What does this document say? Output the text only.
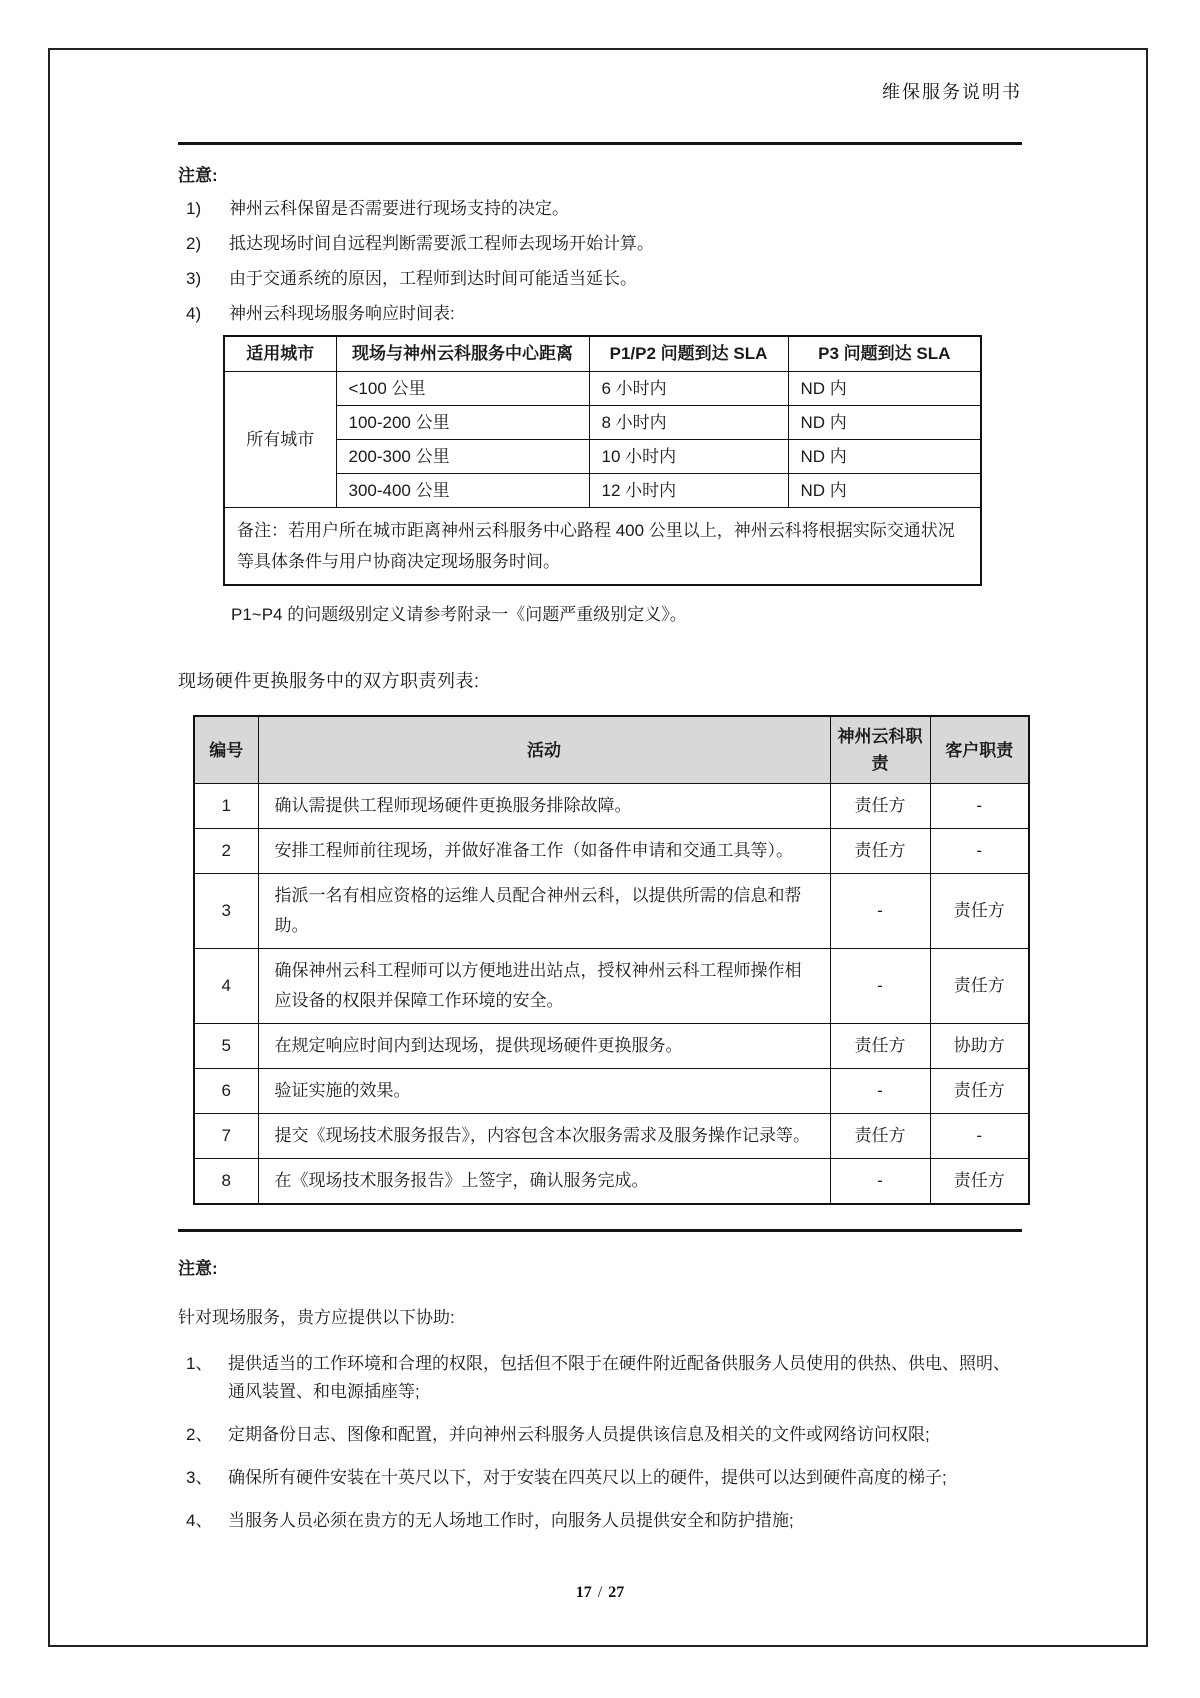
维保服务说明书
注意:
1)	神州云科保留是否需要进行现场支持的决定。
2)	抵达现场时间自远程判断需要派工程师去现场开始计算。
3)	由于交通系统的原因，工程师到达时间可能适当延长。
4)	神州云科现场服务响应时间表:
适用城市	现场与神州云科服务中心距离	P1/P2 问题到达 SLA	P3 问题到达 SLA
所有城市	<100 公里	6 小时内	ND 内
	100-200 公里	8 小时内	ND 内
	200-300 公里	10 小时内	ND 内
	300-400 公里	12 小时内	ND 内
备注：若用户所在城市距离神州云科服务中心路程 400 公里以上，神州云科将根据实际交通状况等具体条件与用户协商决定现场服务时间。			
P1~P4 的问题级别定义请参考附录一《问题严重级别定义》。
现场硬件更换服务中的双方职责列表:
编号	活动	神州云科职责	客户职责
1	确认需提供工程师现场硬件更换服务排除故障。	责任方	-
2	安排工程师前往现场，并做好准备工作（如备件申请和交通工具等）。	责任方	-
3	指派一名有相应资格的运维人员配合神州云科，以提供所需的信息和帮助。	-	责任方
4	确保神州云科工程师可以方便地进出站点，授权神州云科工程师操作相应设备的权限并保障工作环境的安全。	-	责任方
5	在规定响应时间内到达现场，提供现场硬件更换服务。	责任方	协助方
6	验证实施的效果。	-	责任方
7	提交《现场技术服务报告》，内容包含本次服务需求及服务操作记录等。	责任方	-
8	在《现场技术服务报告》上签字，确认服务完成。	-	责任方
注意:
针对现场服务，贵方应提供以下协助:
1、 提供适当的工作环境和合理的权限，包括但不限于在硬件附近配备供服务人员使用的供热、供电、照明、通风装置、和电源插座等;
2、 定期备份日志、图像和配置，并向神州云科服务人员提供该信息及相关的文件或网络访问权限;
3、 确保所有硬件安装在十英尺以下，对于安装在四英尺以上的硬件，提供可以达到硬件高度的梯子;
4、 当服务人员必须在贵方的无人场地工作时，向服务人员提供安全和防护措施;
17 / 27
